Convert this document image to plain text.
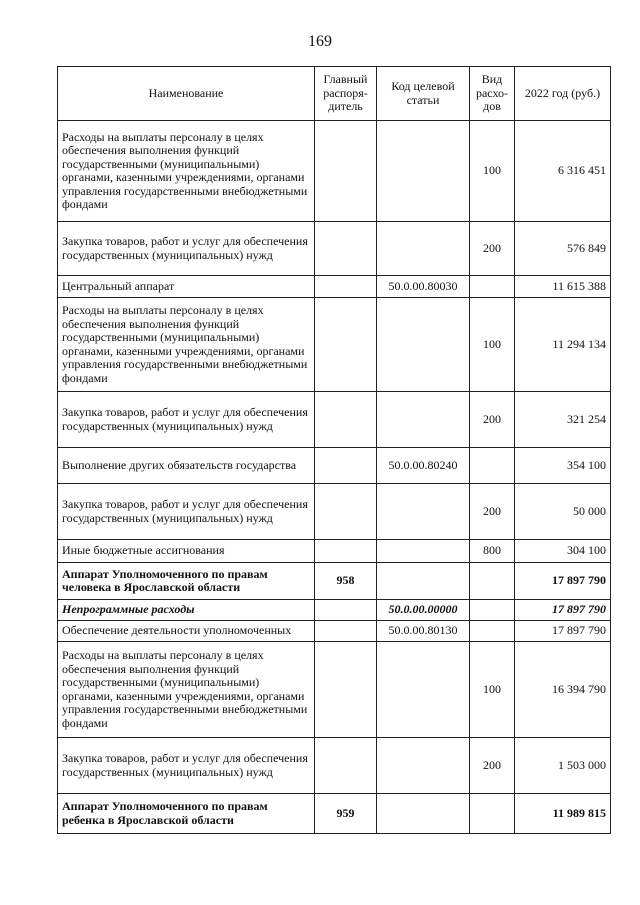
169
Наименование	Главный распоря-дитель	Код целевой статьи	Вид расхо-дов	2022 год (руб.)
Расходы на выплаты персоналу в целях обеспечения выполнения функций государственными (муниципальными) органами, казенными учреждениями, органами управления государственными внебюджетными фондами			100	6 316 451
Закупка товаров, работ и услуг для обеспечения государственных (муниципальных) нужд			200	576 849
Центральный аппарат		50.0.00.80030		11 615 388
Расходы на выплаты персоналу в целях обеспечения выполнения функций государственными (муниципальными) органами, казенными учреждениями, органами управления государственными внебюджетными фондами			100	11 294 134
Закупка товаров, работ и услуг для обеспечения государственных (муниципальных) нужд			200	321 254
Выполнение других обязательств государства		50.0.00.80240		354 100
Закупка товаров, работ и услуг для обеспечения государственных (муниципальных) нужд			200	50 000
Иные бюджетные ассигнования			800	304 100
Аппарат Уполномоченного по правам человека в Ярославской области	958			17 897 790
Непрограммные расходы		50.0.00.00000		17 897 790
Обеспечение деятельности уполномоченных		50.0.00.80130		17 897 790
Расходы на выплаты персоналу в целях обеспечения выполнения функций государственными (муниципальными) органами, казенными учреждениями, органами управления государственными внебюджетными фондами			100	16 394 790
Закупка товаров, работ и услуг для обеспечения государственных (муниципальных) нужд			200	1 503 000
Аппарат Уполномоченного по правам ребенка в Ярославской области	959			11 989 815
